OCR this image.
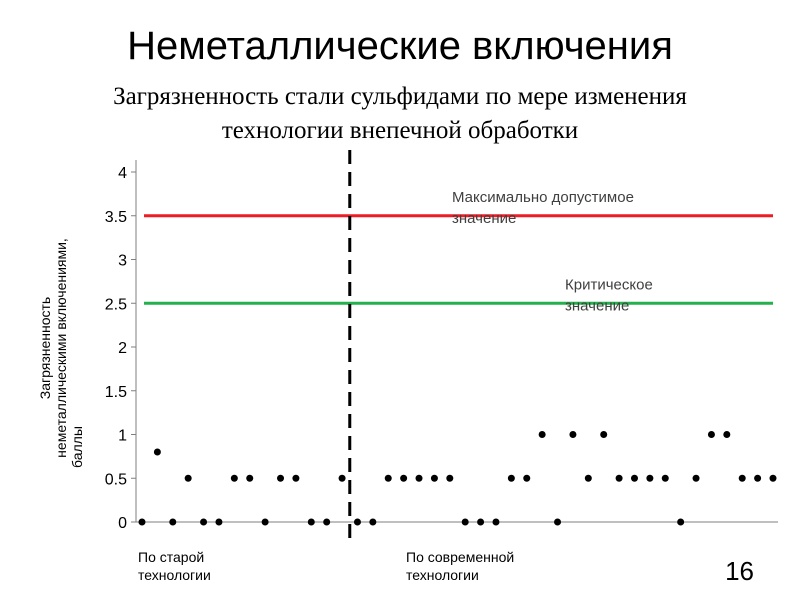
Неметаллические включения
Загрязненность стали сульфидами по мере изменения
технологии внепечной обработки
Загрязненность неметаллическими включениями, баллы
0
0.5
1
1.5
2
2.5
3
3.5
4
Максимально допустимое
значение
Критическое
значение
По старой
технологии
По современной
технологии	16
